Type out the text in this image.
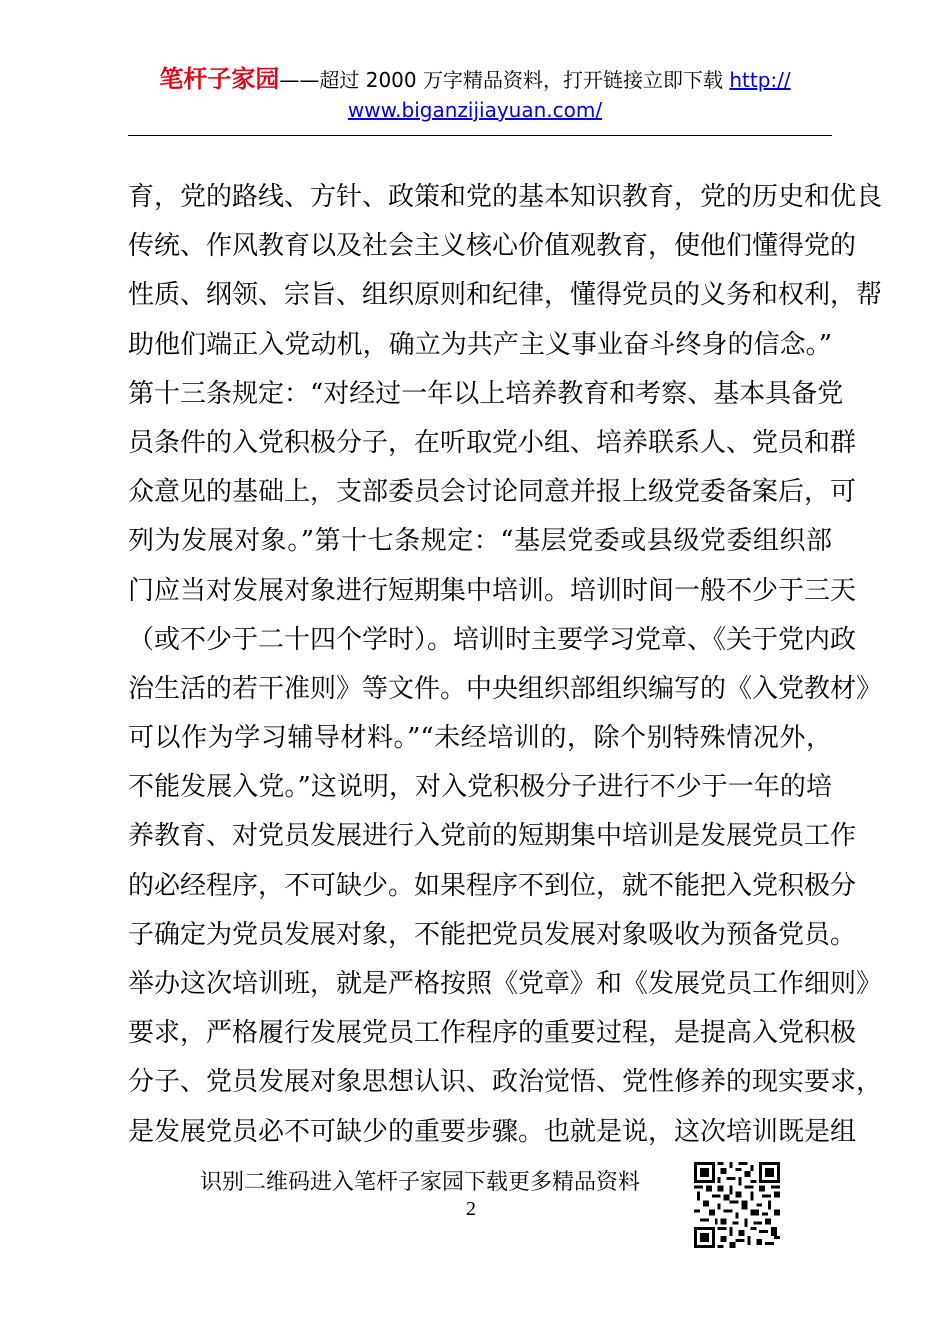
笔杆子家园——超过 2000 万字精品资料，打开链接立即下载 http://
www.biganzijiayuan.com/
育，党的路线、方针、政策和党的基本知识教育，党的历史和优良
传统、作风教育以及社会主义核心价值观教育，使他们懂得党的
性质、纲领、宗旨、组织原则和纪律，懂得党员的义务和权利，帮
助他们端正入党动机，确立为共产主义事业奋斗终身的信念。”
第十三条规定：“对经过一年以上培养教育和考察、基本具备党
员条件的入党积极分子，在听取党小组、培养联系人、党员和群
众意见的基础上，支部委员会讨论同意并报上级党委备案后，可
列为发展对象。”第十七条规定：“基层党委或县级党委组织部
门应当对发展对象进行短期集中培训。培训时间一般不少于三天
（或不少于二十四个学时）。培训时主要学习党章、《关于党内政
治生活的若干准则》等文件。中央组织部组织编写的《入党教材》
可以作为学习辅导材料。”“未经培训的，除个别特殊情况外，
不能发展入党。”这说明，对入党积极分子进行不少于一年的培
养教育、对党员发展进行入党前的短期集中培训是发展党员工作
的必经程序，不可缺少。如果程序不到位，就不能把入党积极分
子确定为党员发展对象，不能把党员发展对象吸收为预备党员。
举办这次培训班，就是严格按照《党章》和《发展党员工作细则》
要求，严格履行发展党员工作程序的重要过程，是提高入党积极
分子、党员发展对象思想认识、政治觉悟、党性修养的现实要求，
是发展党员必不可缺少的重要步骤。也就是说，这次培训既是组
识别二维码进入笔杆子家园下载更多精品资料
2
